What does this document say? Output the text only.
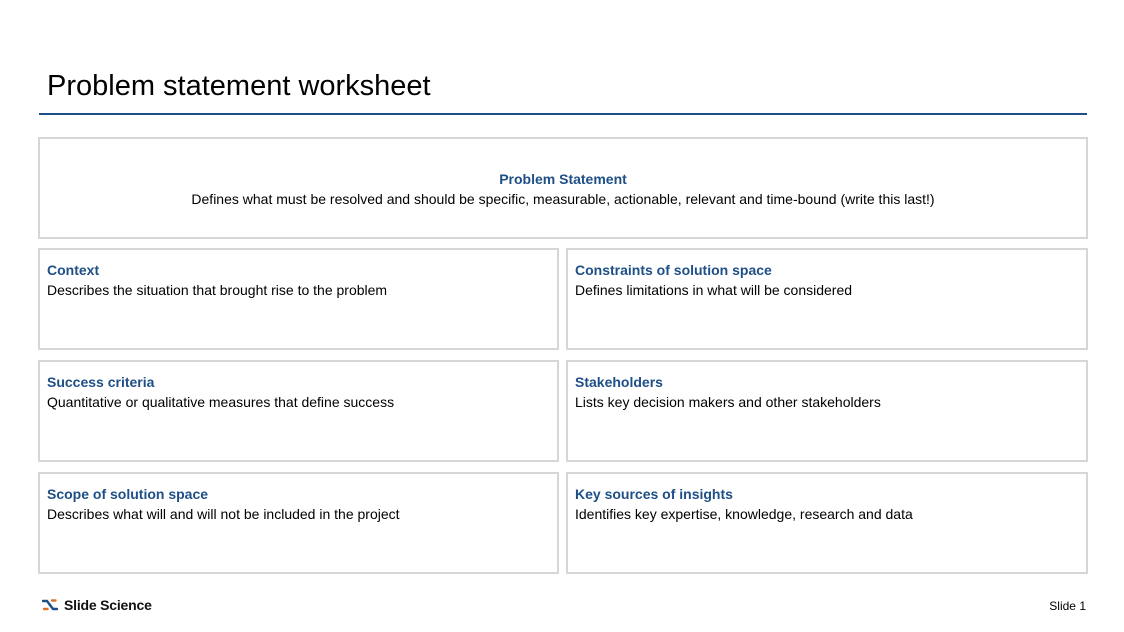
Problem statement worksheet
Problem Statement
Defines what must be resolved and should be specific, measurable, actionable, relevant and time-bound (write this last!)
Context
Describes the situation that brought rise to the problem
Constraints of solution space
Defines limitations in what will be considered
Success criteria
Quantitative or qualitative measures that define success
Stakeholders
Lists key decision makers and other stakeholders
Scope of solution space
Describes what will and will not be included in the project
Key sources of insights
Identifies key expertise, knowledge, research and data
Slide Science	Slide 1
